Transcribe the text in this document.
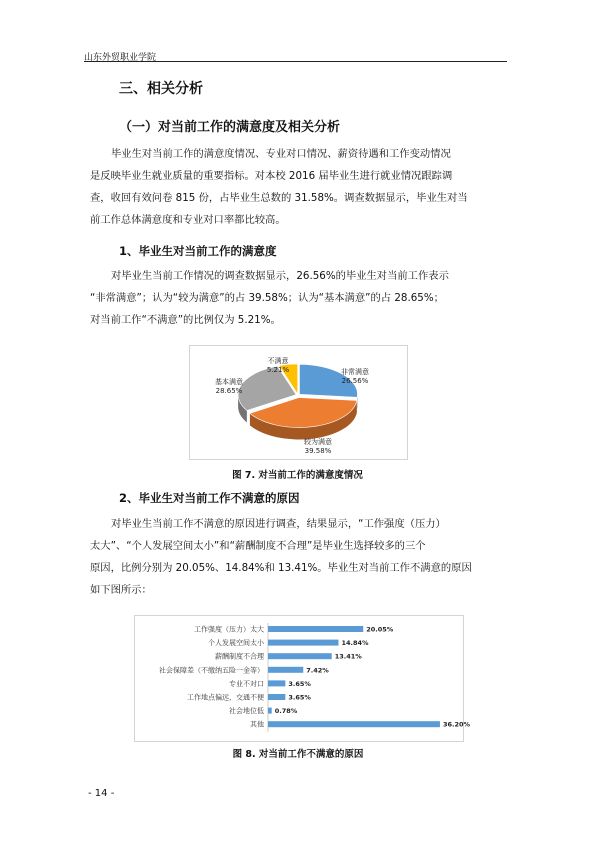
山东外贸职业学院
三、相关分析
（一）对当前工作的满意度及相关分析
毕业生对当前工作的满意度情况、专业对口情况、薪资待遇和工作变动情况
是反映毕业生就业质量的重要指标。对本校 2016 届毕业生进行就业情况跟踪调
查，收回有效问卷 815 份，占毕业生总数的 31.58%。调查数据显示，毕业生对当
前工作总体满意度和专业对口率都比较高。
1、毕业生对当前工作的满意度
对毕业生当前工作情况的调查数据显示，26.56%的毕业生对当前工作表示
“非常满意”；认为“较为满意”的占 39.58%；认为“基本满意”的占 28.65%；
对当前工作“不满意”的比例仅为 5.21%。
非常满意
26.56%
较为满意
39.58%
基本满意
28.65%
不满意
5.21%
图 7. 对当前工作的满意度情况
2、毕业生对当前工作不满意的原因
对毕业生当前工作不满意的原因进行调查，结果显示，“工作强度（压力）
太大”、“个人发展空间太小”和“薪酬制度不合理”是毕业生选择较多的三个
原因，比例分别为 20.05%、14.84%和 13.41%。毕业生对当前工作不满意的原因
如下图所示：
工作强度（压力）太大	20.05%
个人发展空间太小	14.84%
薪酬制度不合理	13.41%
社会保障差（不缴纳五险一金等）	7.42%
专业不对口	3.65%
工作地点偏远，交通不便	3.65%
社会地位低 0.78%
其他	36.20%
图 8. 对当前工作不满意的原因
- 14 -
